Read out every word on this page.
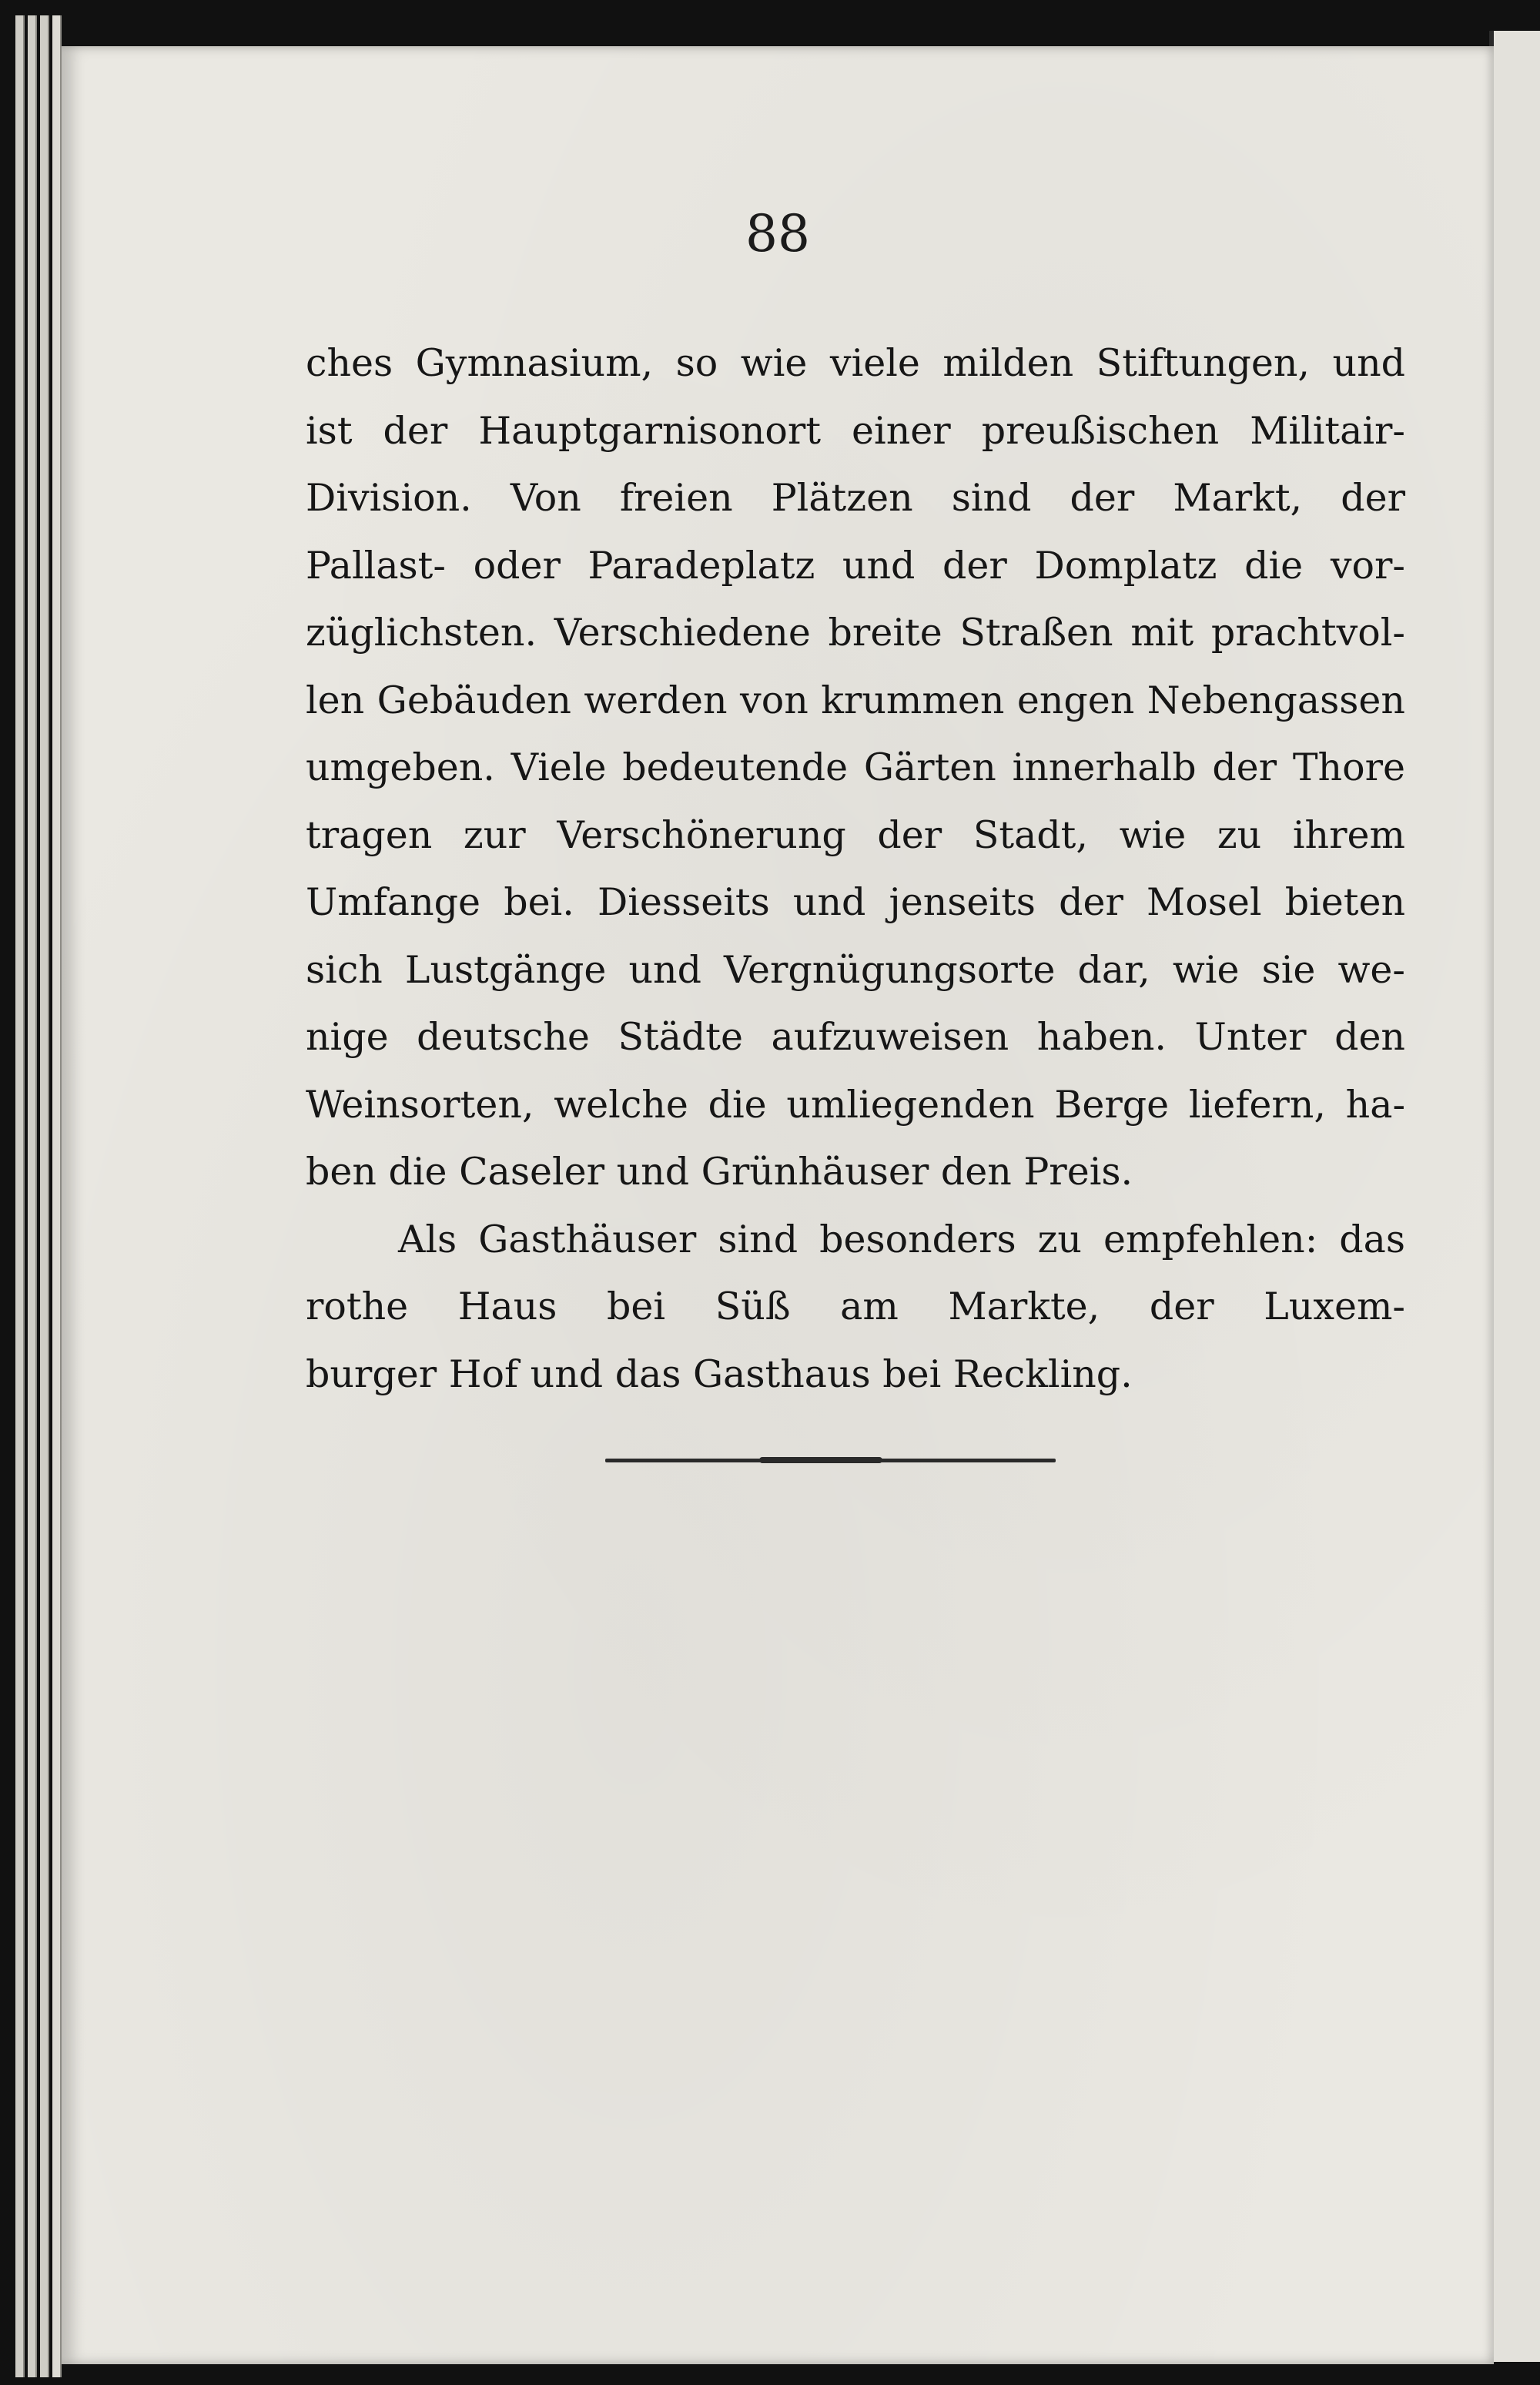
88
ches Gymnasium, so wie viele milden Stiftungen, und
ist der Hauptgarnisonort einer preußischen Militair-
Division. Von freien Plätzen sind der Markt, der
Pallast- oder Paradeplatz und der Domplatz die vor-
züglichsten. Verschiedene breite Straßen mit prachtvol-
len Gebäuden werden von krummen engen Nebengassen
umgeben. Viele bedeutende Gärten innerhalb der Thore
tragen zur Verschönerung der Stadt, wie zu ihrem
Umfange bei. Diesseits und jenseits der Mosel bieten
sich Lustgänge und Vergnügungsorte dar, wie sie we-
nige deutsche Städte aufzuweisen haben. Unter den
Weinsorten, welche die umliegenden Berge liefern, ha-
ben die Caseler und Grünhäuser den Preis.
Als Gasthäuser sind besonders zu empfehlen: das
rothe Haus bei Süß am Markte, der Luxem-
burger Hof und das Gasthaus bei Reckling.
